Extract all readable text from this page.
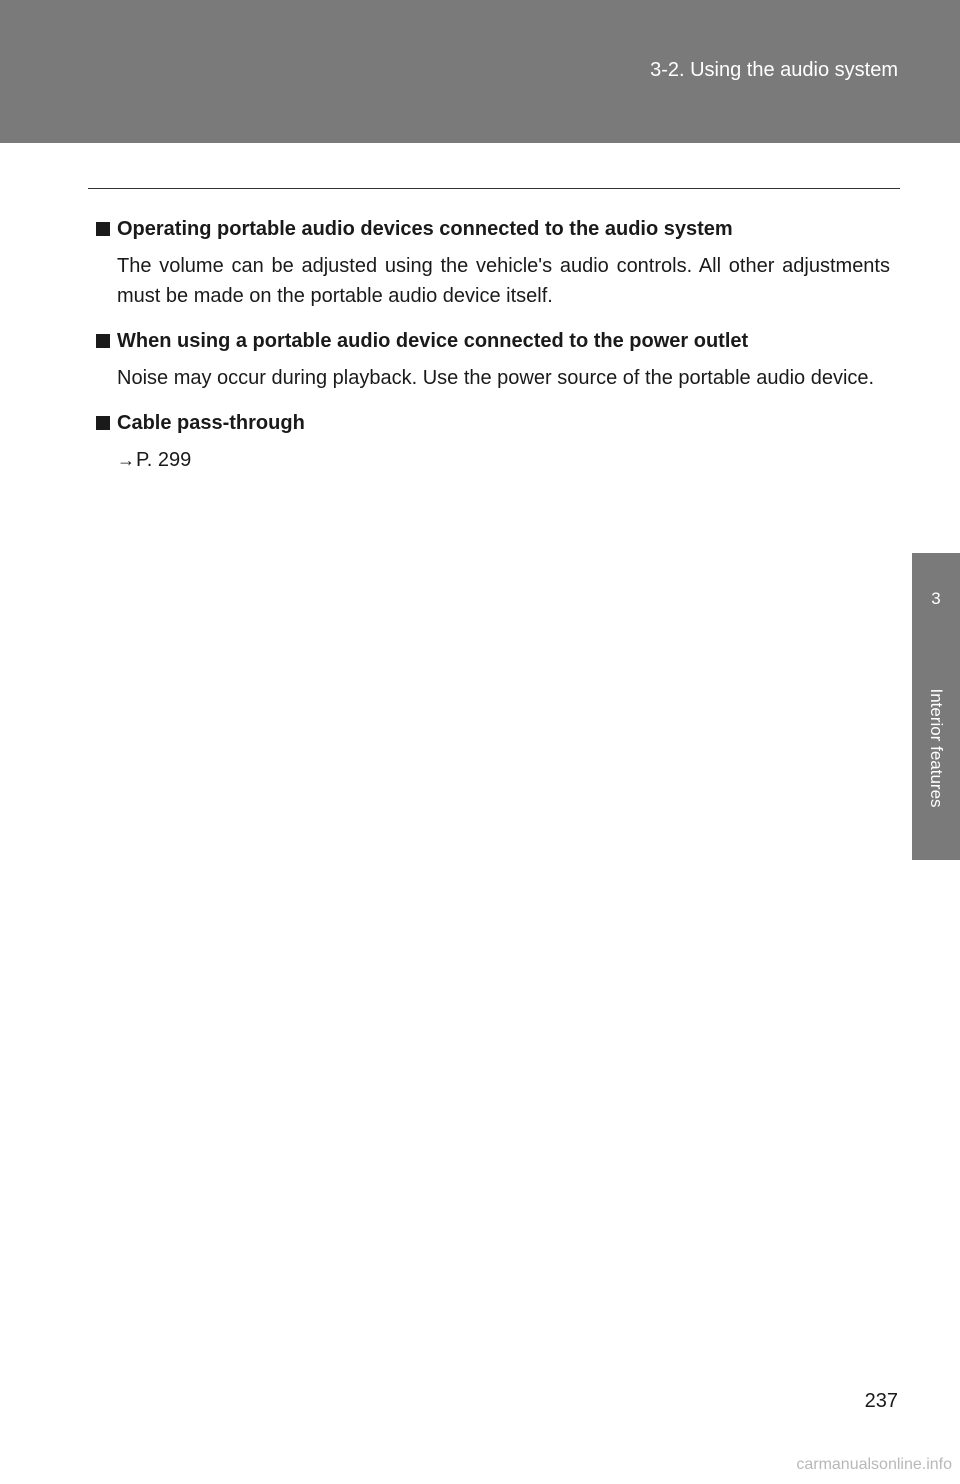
3-2. Using the audio system
3
Interior features
Operating portable audio devices connected to the audio system

The volume can be adjusted using the vehicle's audio controls. All other adjustments must be made on the portable audio device itself.

When using a portable audio device connected to the power outlet

Noise may occur during playback. Use the power source of the portable audio device.

Cable pass-through
→ P. 299
237
carmanualsonline.info
